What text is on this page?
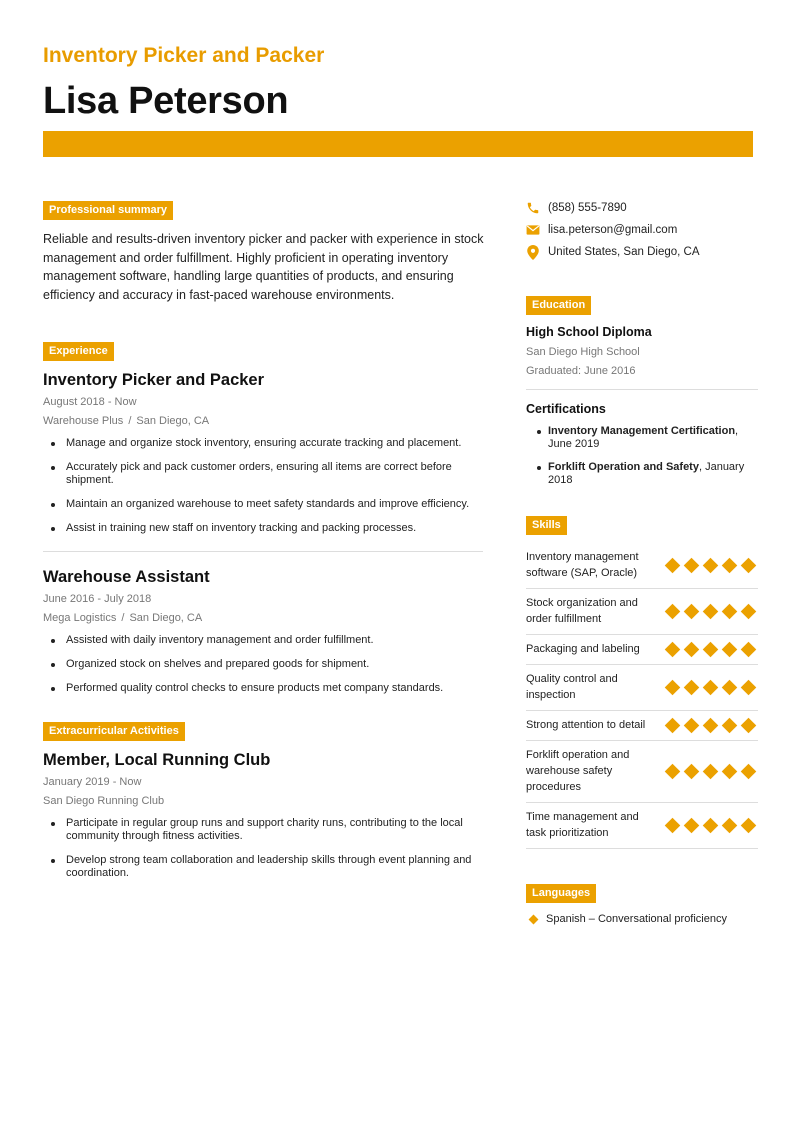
Inventory Picker and Packer
Lisa Peterson
Professional summary

Reliable and results-driven inventory picker and packer with experience in stock management and order fulfillment. Highly proficient in operating inventory management software, handling large quantities of products, and ensuring efficiency and accuracy in fast-paced warehouse environments.

Experience
Inventory Picker and Packer
August 2018 - Now
Warehouse Plus / San Diego, CA
Manage and organize stock inventory, ensuring accurate tracking and placement.
Accurately pick and pack customer orders, ensuring all items are correct before shipment.
Maintain an organized warehouse to meet safety standards and improve efficiency.
Assist in training new staff on inventory tracking and packing processes.
Warehouse Assistant
June 2016 - July 2018
Mega Logistics / San Diego, CA
Assisted with daily inventory management and order fulfillment.
Organized stock on shelves and prepared goods for shipment.
Performed quality control checks to ensure products met company standards.
Extracurricular Activities
Member, Local Running Club
January 2019 - Now
San Diego Running Club
Participate in regular group runs and support charity runs, contributing to the local community through fitness activities.
Develop strong team collaboration and leadership skills through event planning and coordination.
(858) 555-7890
lisa.peterson@gmail.com
United States, San Diego, CA
Education
High School Diploma
San Diego High School
Graduated: June 2016
Certifications
Inventory Management Certification, June 2019
Forklift Operation and Safety, January 2018
Skills
Inventory management software (SAP, Oracle)
Stock organization and order fulfillment
Packaging and labeling
Quality control and inspection
Strong attention to detail
Forklift operation and warehouse safety procedures
Time management and task prioritization
Languages
Spanish – Conversational proficiency
